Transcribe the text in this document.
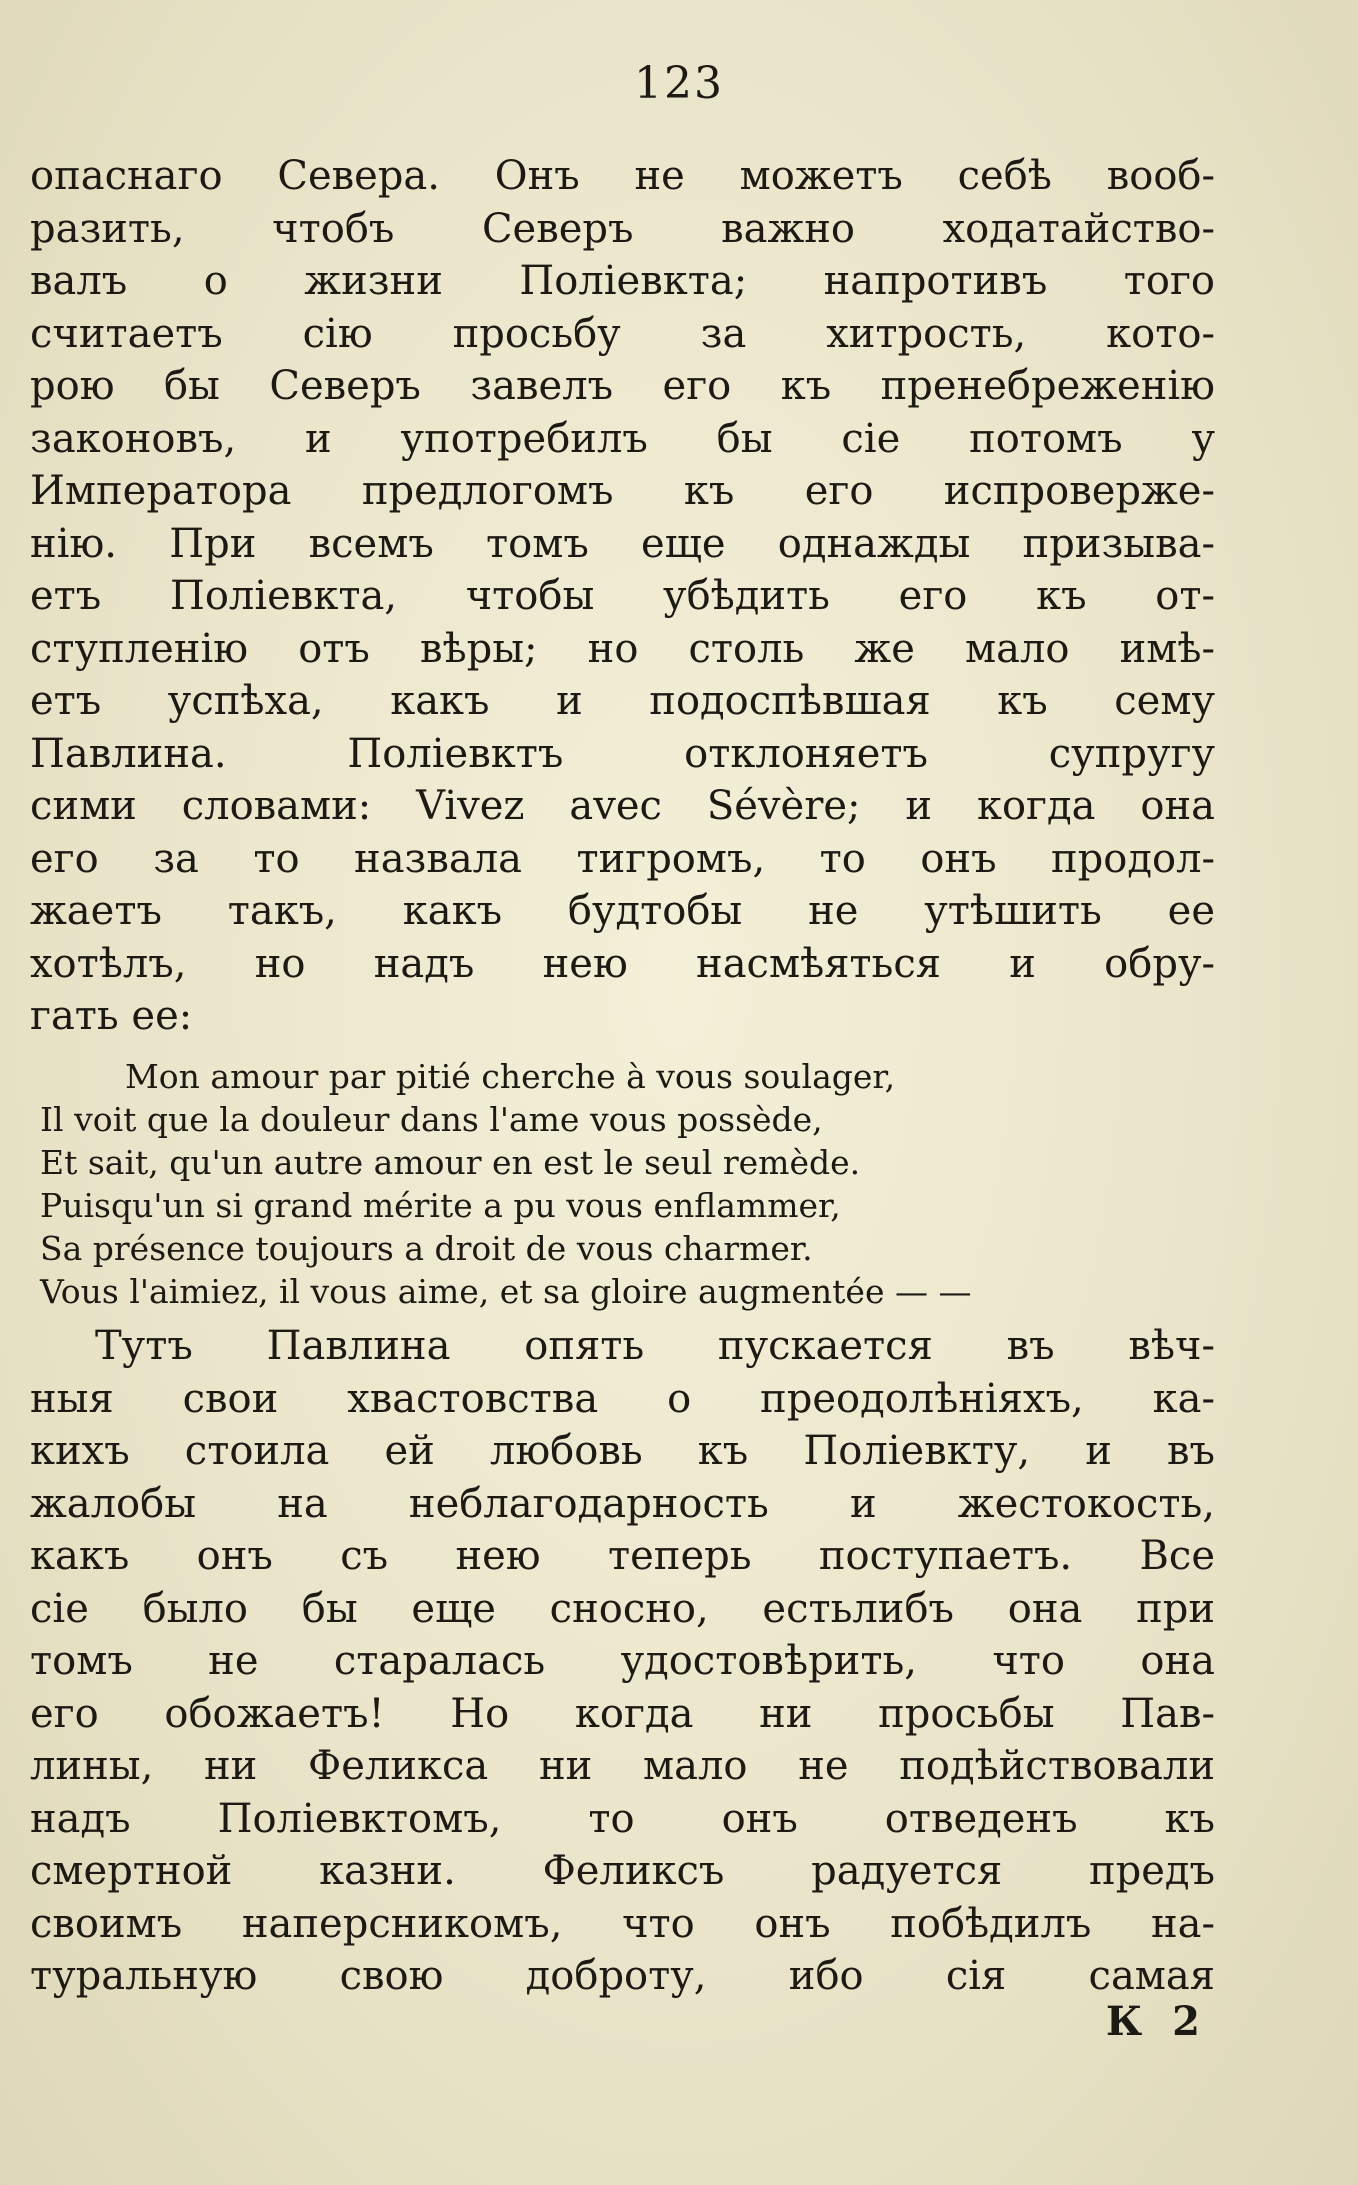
123
опаснаго Севера. Онъ не можетъ себѣ вооб-
разить, чтобъ Северъ важно ходатайство-
валъ о жизни Поліевкта; напротивъ того
считаетъ сію просьбу за хитрость, кото-
рою бы Северъ завелъ его къ пренебреженію
законовъ, и употребилъ бы сіе потомъ у
Императора предлогомъ къ его испроверже-
нію. При всемъ томъ еще однажды призыва-
етъ Поліевкта, чтобы убѣдить его къ от-
ступленію отъ вѣры; но столь же мало имѣ-
етъ успѣха, какъ и подоспѣвшая къ сему
Павлина. Поліевктъ отклоняетъ супругу
сими словами: Vivez avec Sévère; и когда она
его за то назвала тигромъ, то онъ продол-
жаетъ такъ, какъ будтобы не утѣшить ее
хотѣлъ, но надъ нею насмѣяться и обру-
гать ее:
Mon amour par pitié cherche à vous soulager,
Il voit que la douleur dans l'ame vous possède,
Et sait, qu'un autre amour en est le seul remède.
Puisqu'un si grand mérite a pu vous enflammer,
Sa présence toujours a droit de vous charmer.
Vous l'aimiez, il vous aime, et sa gloire augmentée — —
Тутъ Павлина опять пускается въ вѣч-
ныя свои хвастовства о преодолѣніяхъ, ка-
кихъ стоила ей любовь къ Поліевкту, и въ
жалобы на неблагодарность и жестокость,
какъ онъ съ нею теперь поступаетъ. Все
сіе было бы еще сносно, естьлибъ она при
томъ не старалась удостовѣрить, что она
его обожаетъ! Но когда ни просьбы Пав-
лины, ни Феликса ни мало не подѣйствовали
надъ Поліевктомъ, то онъ отведенъ къ
смертной казни. Феликсъ радуется предъ
своимъ наперсникомъ, что онъ побѣдилъ на-
туральную свою доброту, ибо сія самая
К 2
